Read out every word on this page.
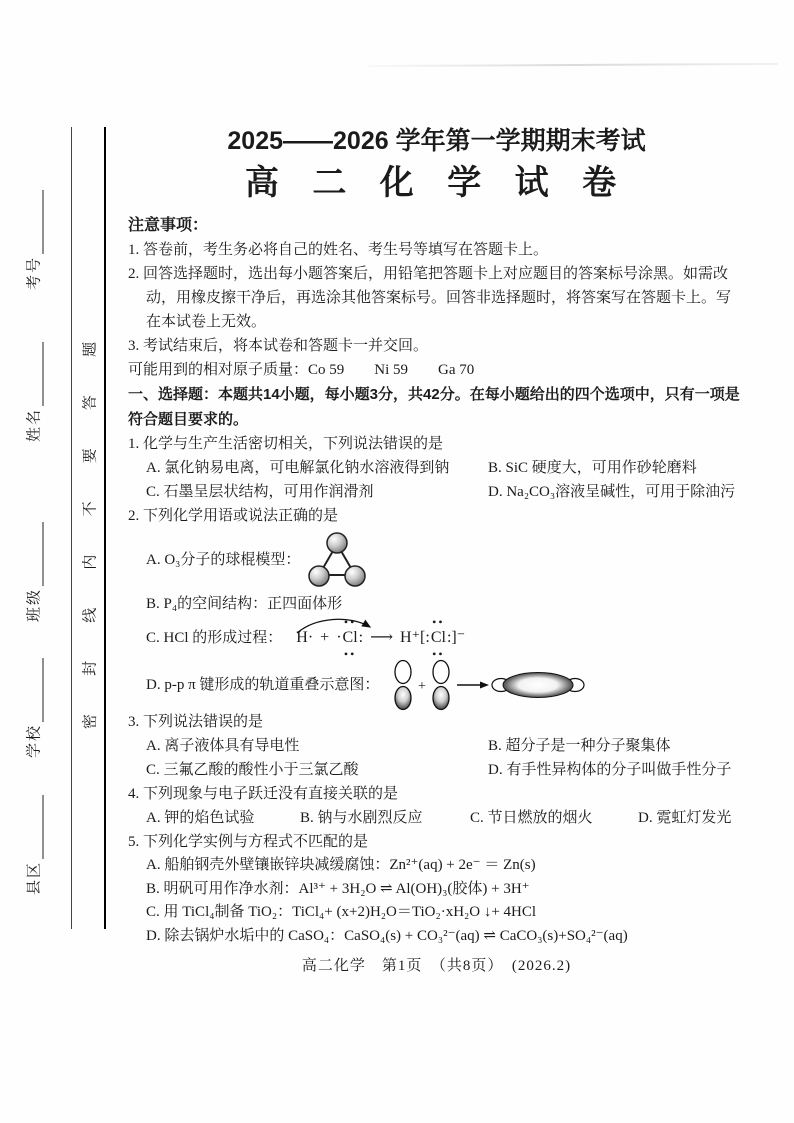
考号
姓名
班级
学校
县区
密 封 线 内 不 要 答 题
2025——2026 学年第一学期期末考试
高 二 化 学 试 卷
注意事项：
1. 答卷前，考生务必将自己的姓名、考生号等填写在答题卡上。
2. 回答选择题时，选出每小题答案后，用铅笔把答题卡上对应题目的答案标号涂黑。如需改动，用橡皮擦干净后，再选涂其他答案标号。回答非选择题时，将答案写在答题卡上。写在本试卷上无效。
3. 考试结束后，将本试卷和答题卡一并交回。
可能用到的相对原子质量：Co 59　　Ni 59　　Ga 70
一、选择题：本题共14小题，每小题3分，共42分。在每小题给出的四个选项中，只有一项是符合题目要求的。
1. 化学与生产生活密切相关，下列说法错误的是
A. 氯化钠易电离，可电解氯化钠水溶液得到钠	B. SiC 硬度大，可用作砂轮磨料
C. 石墨呈层状结构，可用作润滑剂	D. Na₂CO₃溶液呈碱性，可用于除油污
2. 下列化学用语或说法正确的是
A. O₃分子的球棍模型：
B. P₄的空间结构：正四面体形
C. HCl 的形成过程： H· + ·Cl
••
••
: ⟶ H⁺[:Cl
••
••
:]⁻
D. p-p π 键形成的轨道重叠示意图：	+
3. 下列说法错误的是
A. 离子液体具有导电性	B. 超分子是一种分子聚集体
C. 三氟乙酸的酸性小于三氯乙酸	D. 有手性异构体的分子叫做手性分子
4. 下列现象与电子跃迁没有直接关联的是
A. 钾的焰色试验	B. 钠与水剧烈反应	C. 节日燃放的烟火	D. 霓虹灯发光
5. 下列化学实例与方程式不匹配的是
A. 船舶钢壳外壁镶嵌锌块减缓腐蚀：Zn²⁺(aq) + 2e⁻ ＝ Zn(s)
B. 明矾可用作净水剂：Al³⁺ + 3H₂O ⇌ Al(OH)₃(胶体) + 3H⁺
C. 用 TiCl₄制备 TiO₂：TiCl₄+ (x+2)H₂O＝TiO₂·xH₂O ↓+ 4HCl
D. 除去锅炉水垢中的 CaSO₄：CaSO₄(s) + CO₃²⁻(aq) ⇌ CaCO₃(s)+SO₄²⁻(aq)
高二化学　第1页　（共8页）　(2026.2)
